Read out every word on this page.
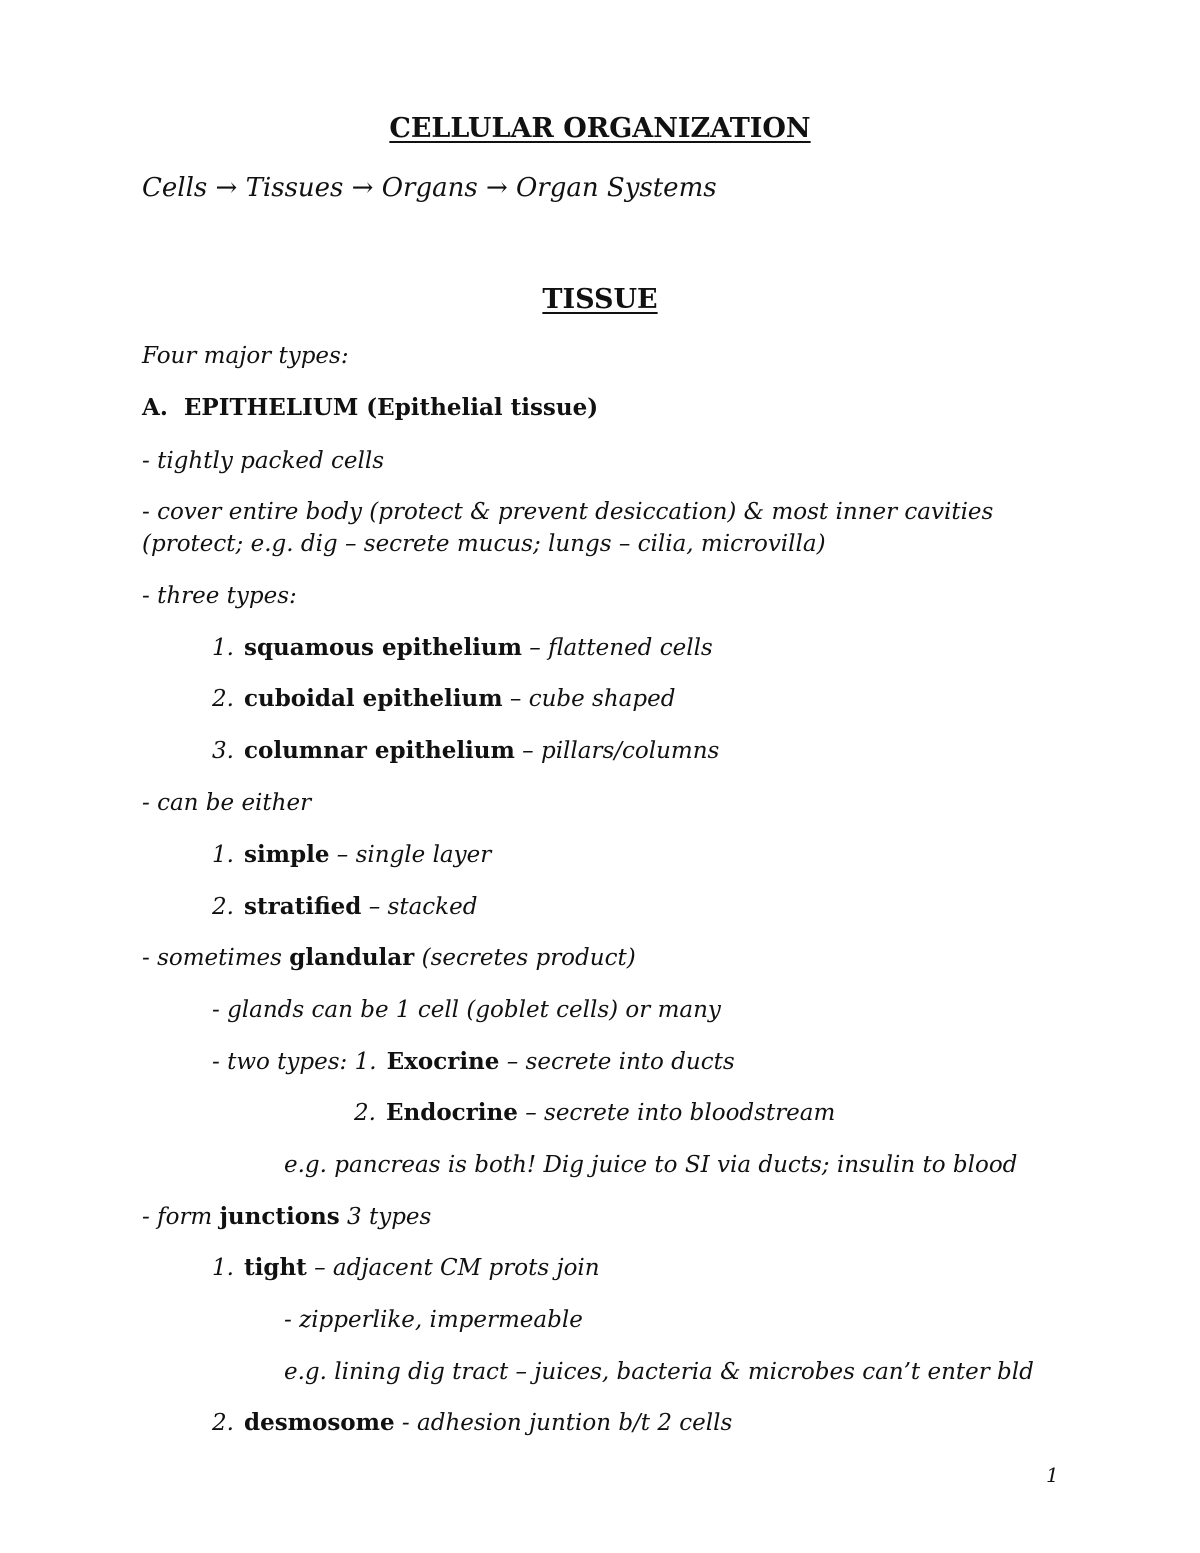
CELLULAR ORGANIZATION
Cells → Tissues → Organs → Organ Systems
TISSUE
Four major types:
A. EPITHELIUM (Epithelial tissue)
- tightly packed cells
- cover entire body (protect & prevent desiccation) & most inner cavities
(protect; e.g. dig – secrete mucus; lungs – cilia, microvilla)
- three types:
1. squamous epithelium – flattened cells
2. cuboidal epithelium – cube shaped
3. columnar epithelium – pillars/columns
- can be either
1. simple – single layer
2. stratified – stacked
- sometimes glandular (secretes product)
- glands can be 1 cell (goblet cells) or many
- two types: 1. Exocrine – secrete into ducts
2. Endocrine – secrete into bloodstream
e.g. pancreas is both! Dig juice to SI via ducts; insulin to blood
- form junctions 3 types
1. tight – adjacent CM prots join
- zipperlike, impermeable
e.g. lining dig tract – juices, bacteria & microbes can’t enter bld
2. desmosome - adhesion juntion b/t 2 cells
1
